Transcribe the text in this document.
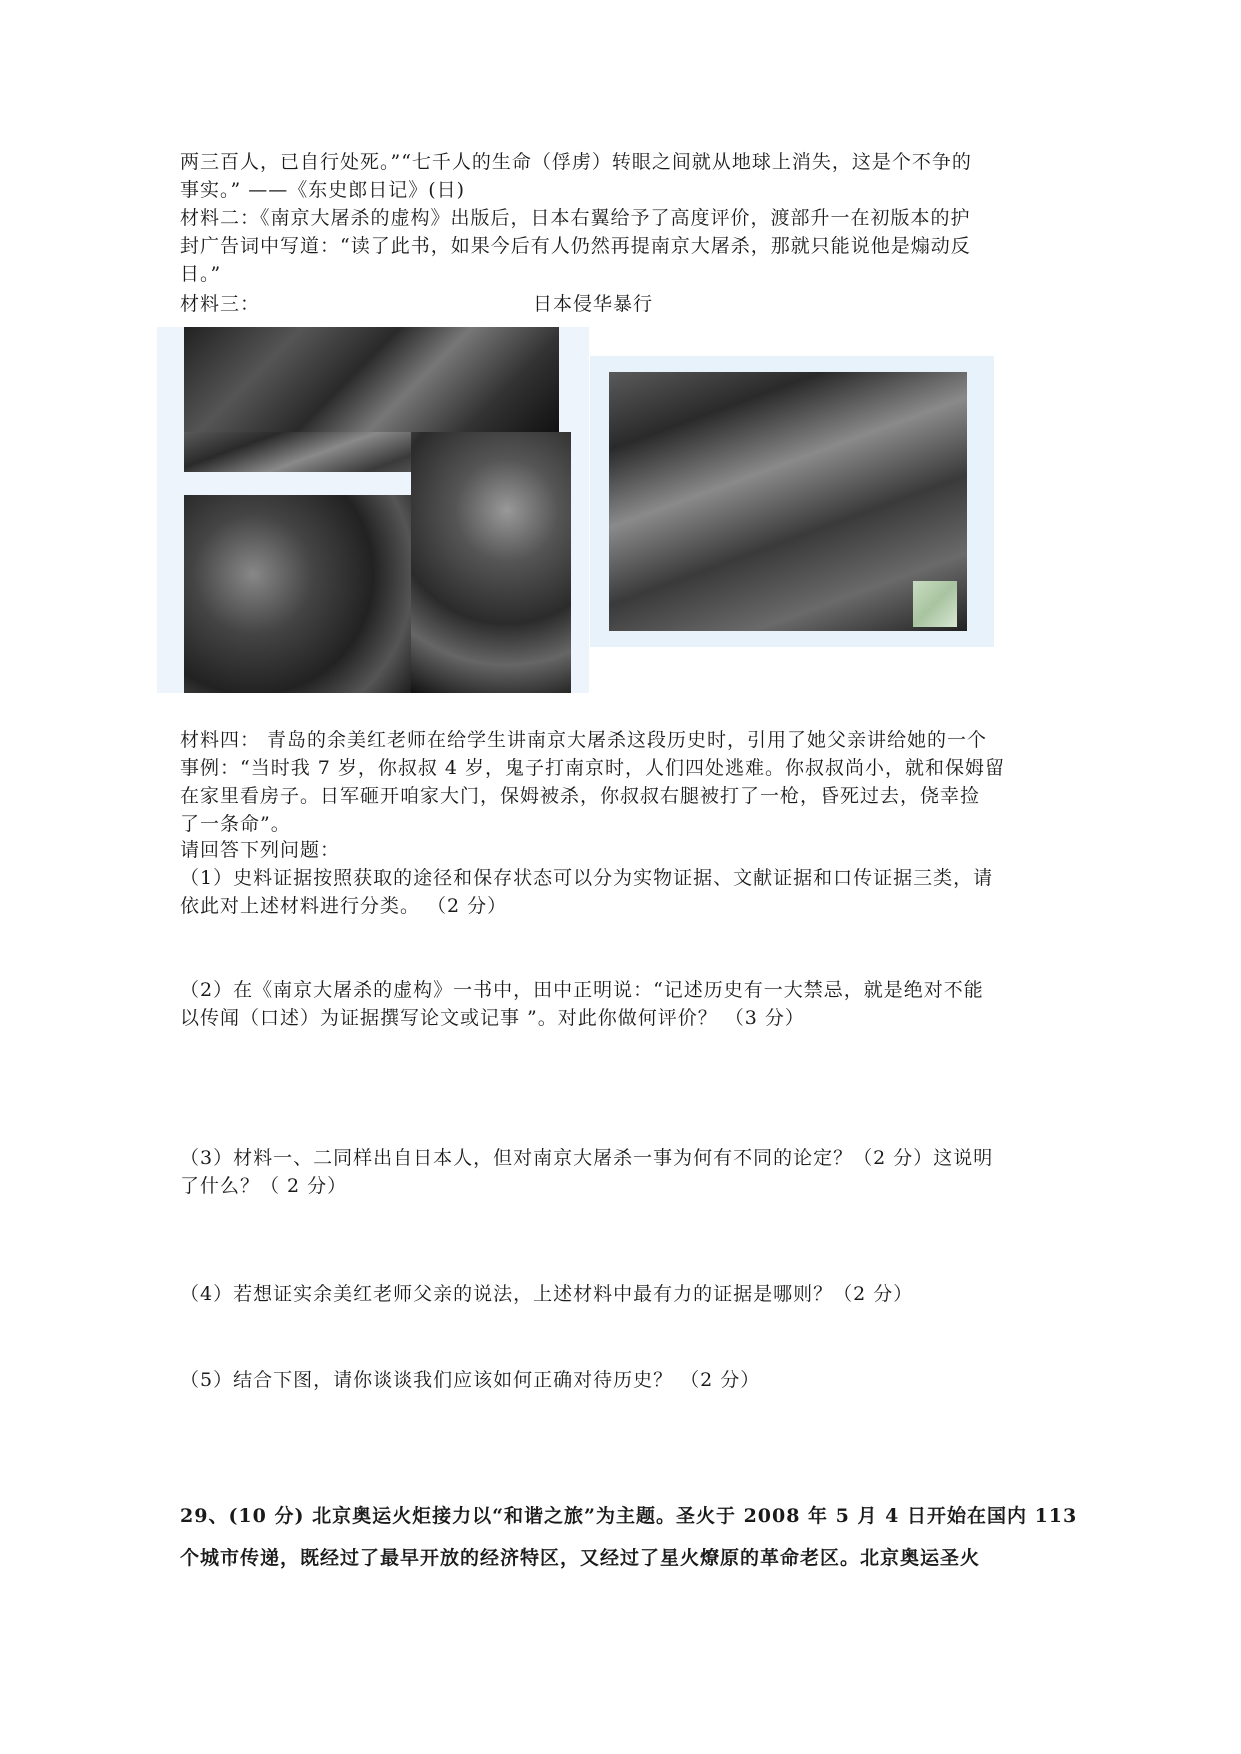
两三百人，已自行处死。”“七千人的生命（俘虏）转眼之间就从地球上消失，这是个不争的
事实。” ——《东史郎日记》(日)
材料二：《南京大屠杀的虚构》出版后，日本右翼给予了高度评价，渡部升一在初版本的护
封广告词中写道：“读了此书，如果今后有人仍然再提南京大屠杀，那就只能说他是煽动反
日。”
材料三：	日本侵华暴行
材料四： 青岛的余美红老师在给学生讲南京大屠杀这段历史时，引用了她父亲讲给她的一个
事例：“当时我 7 岁，你叔叔 4 岁，鬼子打南京时，人们四处逃难。你叔叔尚小，就和保姆留
在家里看房子。日军砸开咱家大门，保姆被杀，你叔叔右腿被打了一枪，昏死过去，侥幸捡
了一条命”。
请回答下列问题：
（1）史料证据按照获取的途径和保存状态可以分为实物证据、文献证据和口传证据三类，请
依此对上述材料进行分类。 （2 分）
（2）在《南京大屠杀的虚构》一书中，田中正明说：“记述历史有一大禁忌，就是绝对不能
以传闻（口述）为证据撰写论文或记事 ”。对此你做何评价？ （3 分）
（3）材料一、二同样出自日本人，但对南京大屠杀一事为何有不同的论定？（2 分）这说明
了什么？（ 2 分）
（4）若想证实余美红老师父亲的说法，上述材料中最有力的证据是哪则？（2 分）
（5）结合下图，请你谈谈我们应该如何正确对待历史？ （2 分）
29、(10 分) 北京奥运火炬接力以“和谐之旅”为主题。圣火于 2008 年 5 月 4 日开始在国内 113
个城市传递，既经过了最早开放的经济特区，又经过了星火燎原的革命老区。北京奥运圣火
